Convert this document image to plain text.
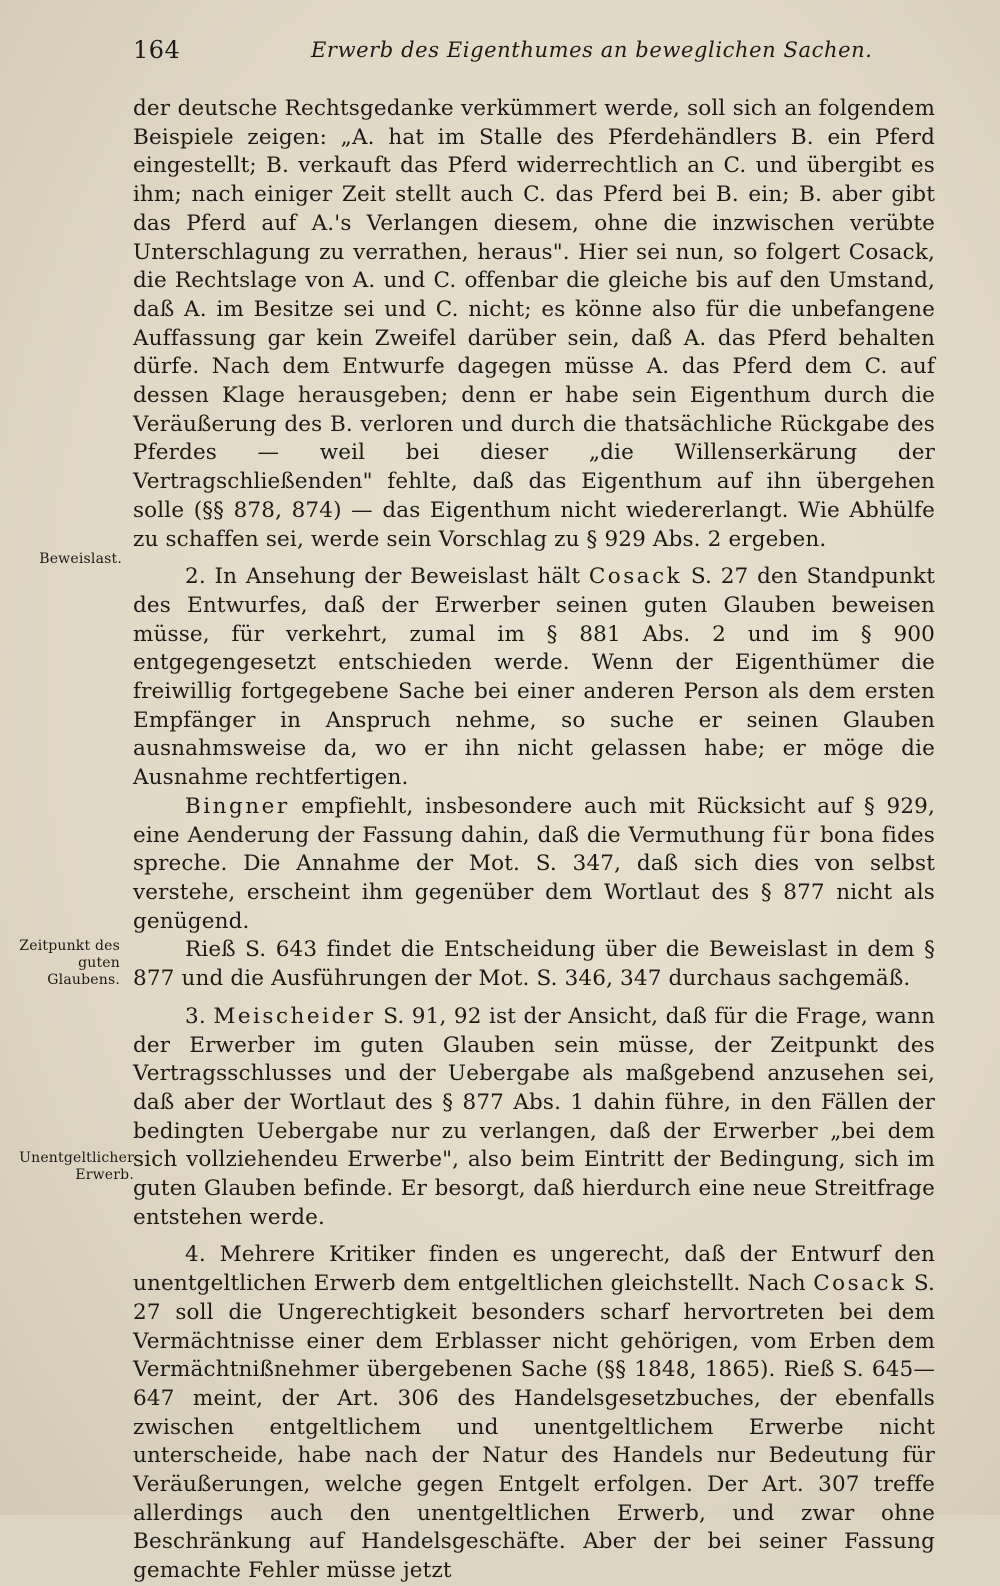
164	Erwerb des Eigenthumes an beweglichen Sachen.
Beweislast.
Zeitpunkt des guten Glaubens.
Unentgeltlicher Erwerb.

der deutsche Rechtsgedanke verkümmert werde, soll sich an folgendem Beispiele zeigen: „A. hat im Stalle des Pferdehändlers B. ein Pferd eingestellt; B. verkauft das Pferd widerrechtlich an C. und übergibt es ihm; nach einiger Zeit stellt auch C. das Pferd bei B. ein; B. aber gibt das Pferd auf A.'s Verlangen diesem, ohne die inzwischen verübte Unterschlagung zu verrathen, heraus". Hier sei nun, so folgert Cosack, die Rechtslage von A. und C. offenbar die gleiche bis auf den Umstand, daß A. im Besitze sei und C. nicht; es könne also für die unbefangene Auffassung gar kein Zweifel darüber sein, daß A. das Pferd behalten dürfe. Nach dem Entwurfe dagegen müsse A. das Pferd dem C. auf dessen Klage herausgeben; denn er habe sein Eigenthum durch die Veräußerung des B. verloren und durch die thatsächliche Rückgabe des Pferdes — weil bei dieser „die Willenserkärung der Vertragschließenden" fehlte, daß das Eigenthum auf ihn übergehen solle (§§ 878, 874) — das Eigenthum nicht wiedererlangt. Wie Abhülfe zu schaffen sei, werde sein Vorschlag zu § 929 Abs. 2 ergeben.

2. In Ansehung der Beweislast hält Cosack S. 27 den Standpunkt des Entwurfes, daß der Erwerber seinen guten Glauben beweisen müsse, für verkehrt, zumal im § 881 Abs. 2 und im § 900 entgegengesetzt entschieden werde. Wenn der Eigenthümer die freiwillig fortgegebene Sache bei einer anderen Person als dem ersten Empfänger in Anspruch nehme, so suche er seinen Glauben ausnahmsweise da, wo er ihn nicht gelassen habe; er möge die Ausnahme rechtfertigen.

Bingner empfiehlt, insbesondere auch mit Rücksicht auf § 929, eine Aenderung der Fassung dahin, daß die Vermuthung für bona fides spreche. Die Annahme der Mot. S. 347, daß sich dies von selbst verstehe, erscheint ihm gegenüber dem Wortlaut des § 877 nicht als genügend.

Rieß S. 643 findet die Entscheidung über die Beweislast in dem § 877 und die Ausführungen der Mot. S. 346, 347 durchaus sachgemäß.

3. Meischeider S. 91, 92 ist der Ansicht, daß für die Frage, wann der Erwerber im guten Glauben sein müsse, der Zeitpunkt des Vertragsschlusses und der Uebergabe als maßgebend anzusehen sei, daß aber der Wortlaut des § 877 Abs. 1 dahin führe, in den Fällen der bedingten Uebergabe nur zu verlangen, daß der Erwerber „bei dem sich vollziehendeu Erwerbe", also beim Eintritt der Bedingung, sich im guten Glauben befinde. Er besorgt, daß hierdurch eine neue Streitfrage entstehen werde.

4. Mehrere Kritiker finden es ungerecht, daß der Entwurf den unentgeltlichen Erwerb dem entgeltlichen gleichstellt. Nach Cosack S. 27 soll die Ungerechtigkeit besonders scharf hervortreten bei dem Vermächtnisse einer dem Erblasser nicht gehörigen, vom Erben dem Vermächtnißnehmer übergebenen Sache (§§ 1848, 1865). Rieß S. 645—647 meint, der Art. 306 des Handelsgesetzbuches, der ebenfalls zwischen entgeltlichem und unentgeltlichem Erwerbe nicht unterscheide, habe nach der Natur des Handels nur Bedeutung für Veräußerungen, welche gegen Entgelt erfolgen. Der Art. 307 treffe allerdings auch den unentgeltlichen Erwerb, und zwar ohne Beschränkung auf Handelsgeschäfte. Aber der bei seiner Fassung gemachte Fehler müsse jetzt
